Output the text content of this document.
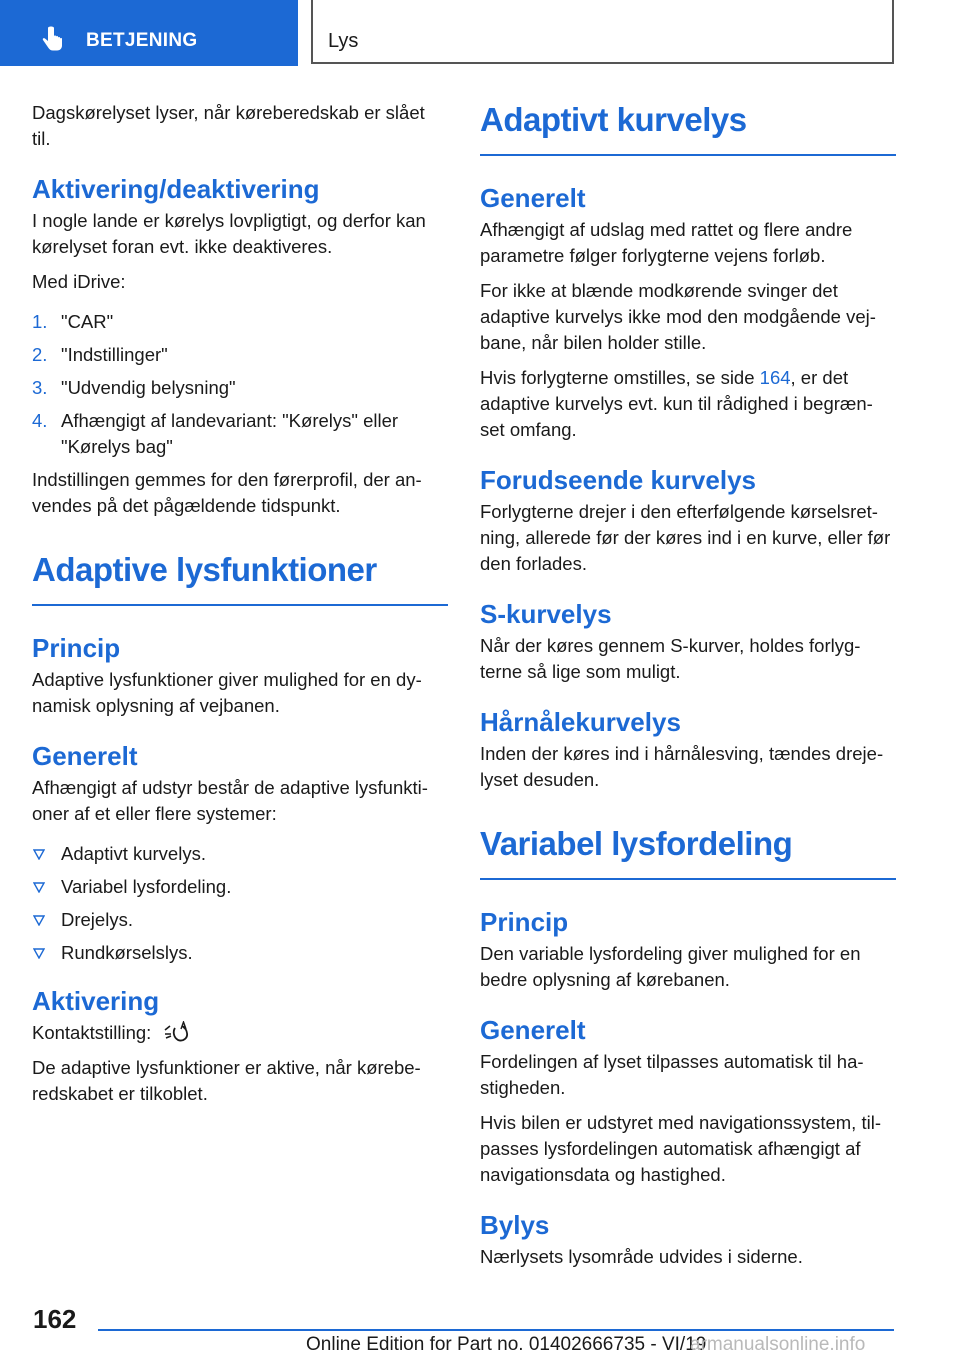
BETJENING	Lys

Dagskørelyset lyser, når køreberedskab er slået til.

Aktivering/deaktivering

I nogle lande er kørelys lovpligtigt, og derfor kan kørelyset foran evt. ikke deaktiveres.

Med iDrive:

1. "CAR"
2. "Indstillinger"
3. "Udvendig belysning"
4. Afhængigt af landevariant: "Kørelys" eller "Kørelys bag"

Indstillingen gemmes for den førerprofil, der an-vendes på det pågældende tidspunkt.

Adaptive lysfunktioner
Princip

Adaptive lysfunktioner giver mulighed for en dy-namisk oplysning af vejbanen.

Generelt

Afhængigt af udstyr består de adaptive lysfunkti-oner af et eller flere systemer:

Adaptivt kurvelys.
Variabel lysfordeling.
Drejelys.
Rundkørselslys.
Aktivering

Kontaktstilling:

De adaptive lysfunktioner er aktive, når kørebe-redskabet er tilkoblet.

Adaptivt kurvelys
Generelt

Afhængigt af udslag med rattet og flere andre parametre følger forlygterne vejens forløb.

For ikke at blænde modkørende svinger det adaptive kurvelys ikke mod den modgående vej-bane, når bilen holder stille.

Hvis forlygterne omstilles, se side 164, er det adaptive kurvelys evt. kun til rådighed i begræn-set omfang.

Forudseende kurvelys

Forlygterne drejer i den efterfølgende kørselsret-ning, allerede før der køres ind i en kurve, eller før den forlades.

S-kurvelys

Når der køres gennem S-kurver, holdes forlyg-terne så lige som muligt.

Hårnålekurvelys

Inden der køres ind i hårnålesving, tændes dreje-lyset desuden.

Variabel lysfordeling
Princip

Den variable lysfordeling giver mulighed for en bedre oplysning af kørebanen.

Generelt

Fordelingen af lyset tilpasses automatisk til ha-stigheden.

Hvis bilen er udstyret med navigationssystem, til-passes lysfordelingen automatisk afhængigt af navigationsdata og hastighed.

Bylys

Nærlysets lysområde udvides i siderne.

162
Online Edition for Part no. 01402666735 - VI/19
armanualsonline.info
